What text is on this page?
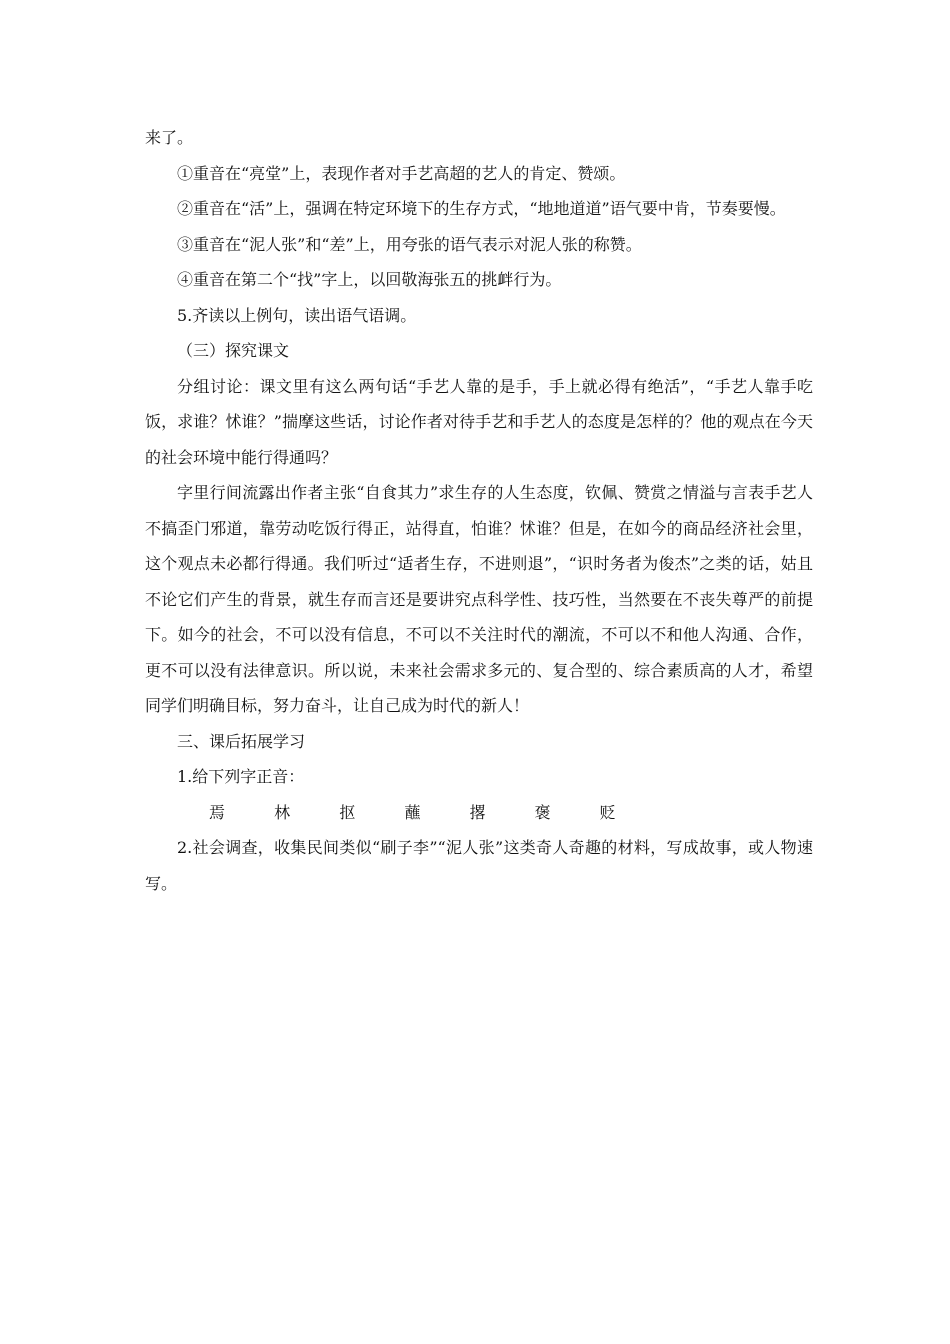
来了。

①重音在“亮堂”上，表现作者对手艺高超的艺人的肯定、赞颂。

②重音在“活”上，强调在特定环境下的生存方式，“地地道道”语气要中肯，节奏要慢。

③重音在“泥人张”和“差”上，用夸张的语气表示对泥人张的称赞。

④重音在第二个“找”字上，以回敬海张五的挑衅行为。

5.齐读以上例句，读出语气语调。

（三）探究课文

分组讨论：课文里有这么两句话“手艺人靠的是手，手上就必得有绝活”，“手艺人靠手吃饭，求谁？怵谁？”揣摩这些话，讨论作者对待手艺和手艺人的态度是怎样的？他的观点在今天的社会环境中能行得通吗？

字里行间流露出作者主张“自食其力”求生存的人生态度，钦佩、赞赏之情溢与言表手艺人不搞歪门邪道，靠劳动吃饭行得正，站得直，怕谁？怵谁？但是，在如今的商品经济社会里，这个观点未必都行得通。我们听过“适者生存，不进则退”，“识时务者为俊杰”之类的话，姑且不论它们产生的背景，就生存而言还是要讲究点科学性、技巧性，当然要在不丧失尊严的前提下。如今的社会，不可以没有信息，不可以不关注时代的潮流，不可以不和他人沟通、合作，更不可以没有法律意识。所以说，未来社会需求多元的、复合型的、综合素质高的人才，希望同学们明确目标，努力奋斗，让自己成为时代的新人！

三、课后拓展学习

1.给下列字正音：

焉	林	抠	蘸	撂	褒	贬

2.社会调查，收集民间类似“刷子李”“泥人张”这类奇人奇趣的材料，写成故事，或人物速写。
